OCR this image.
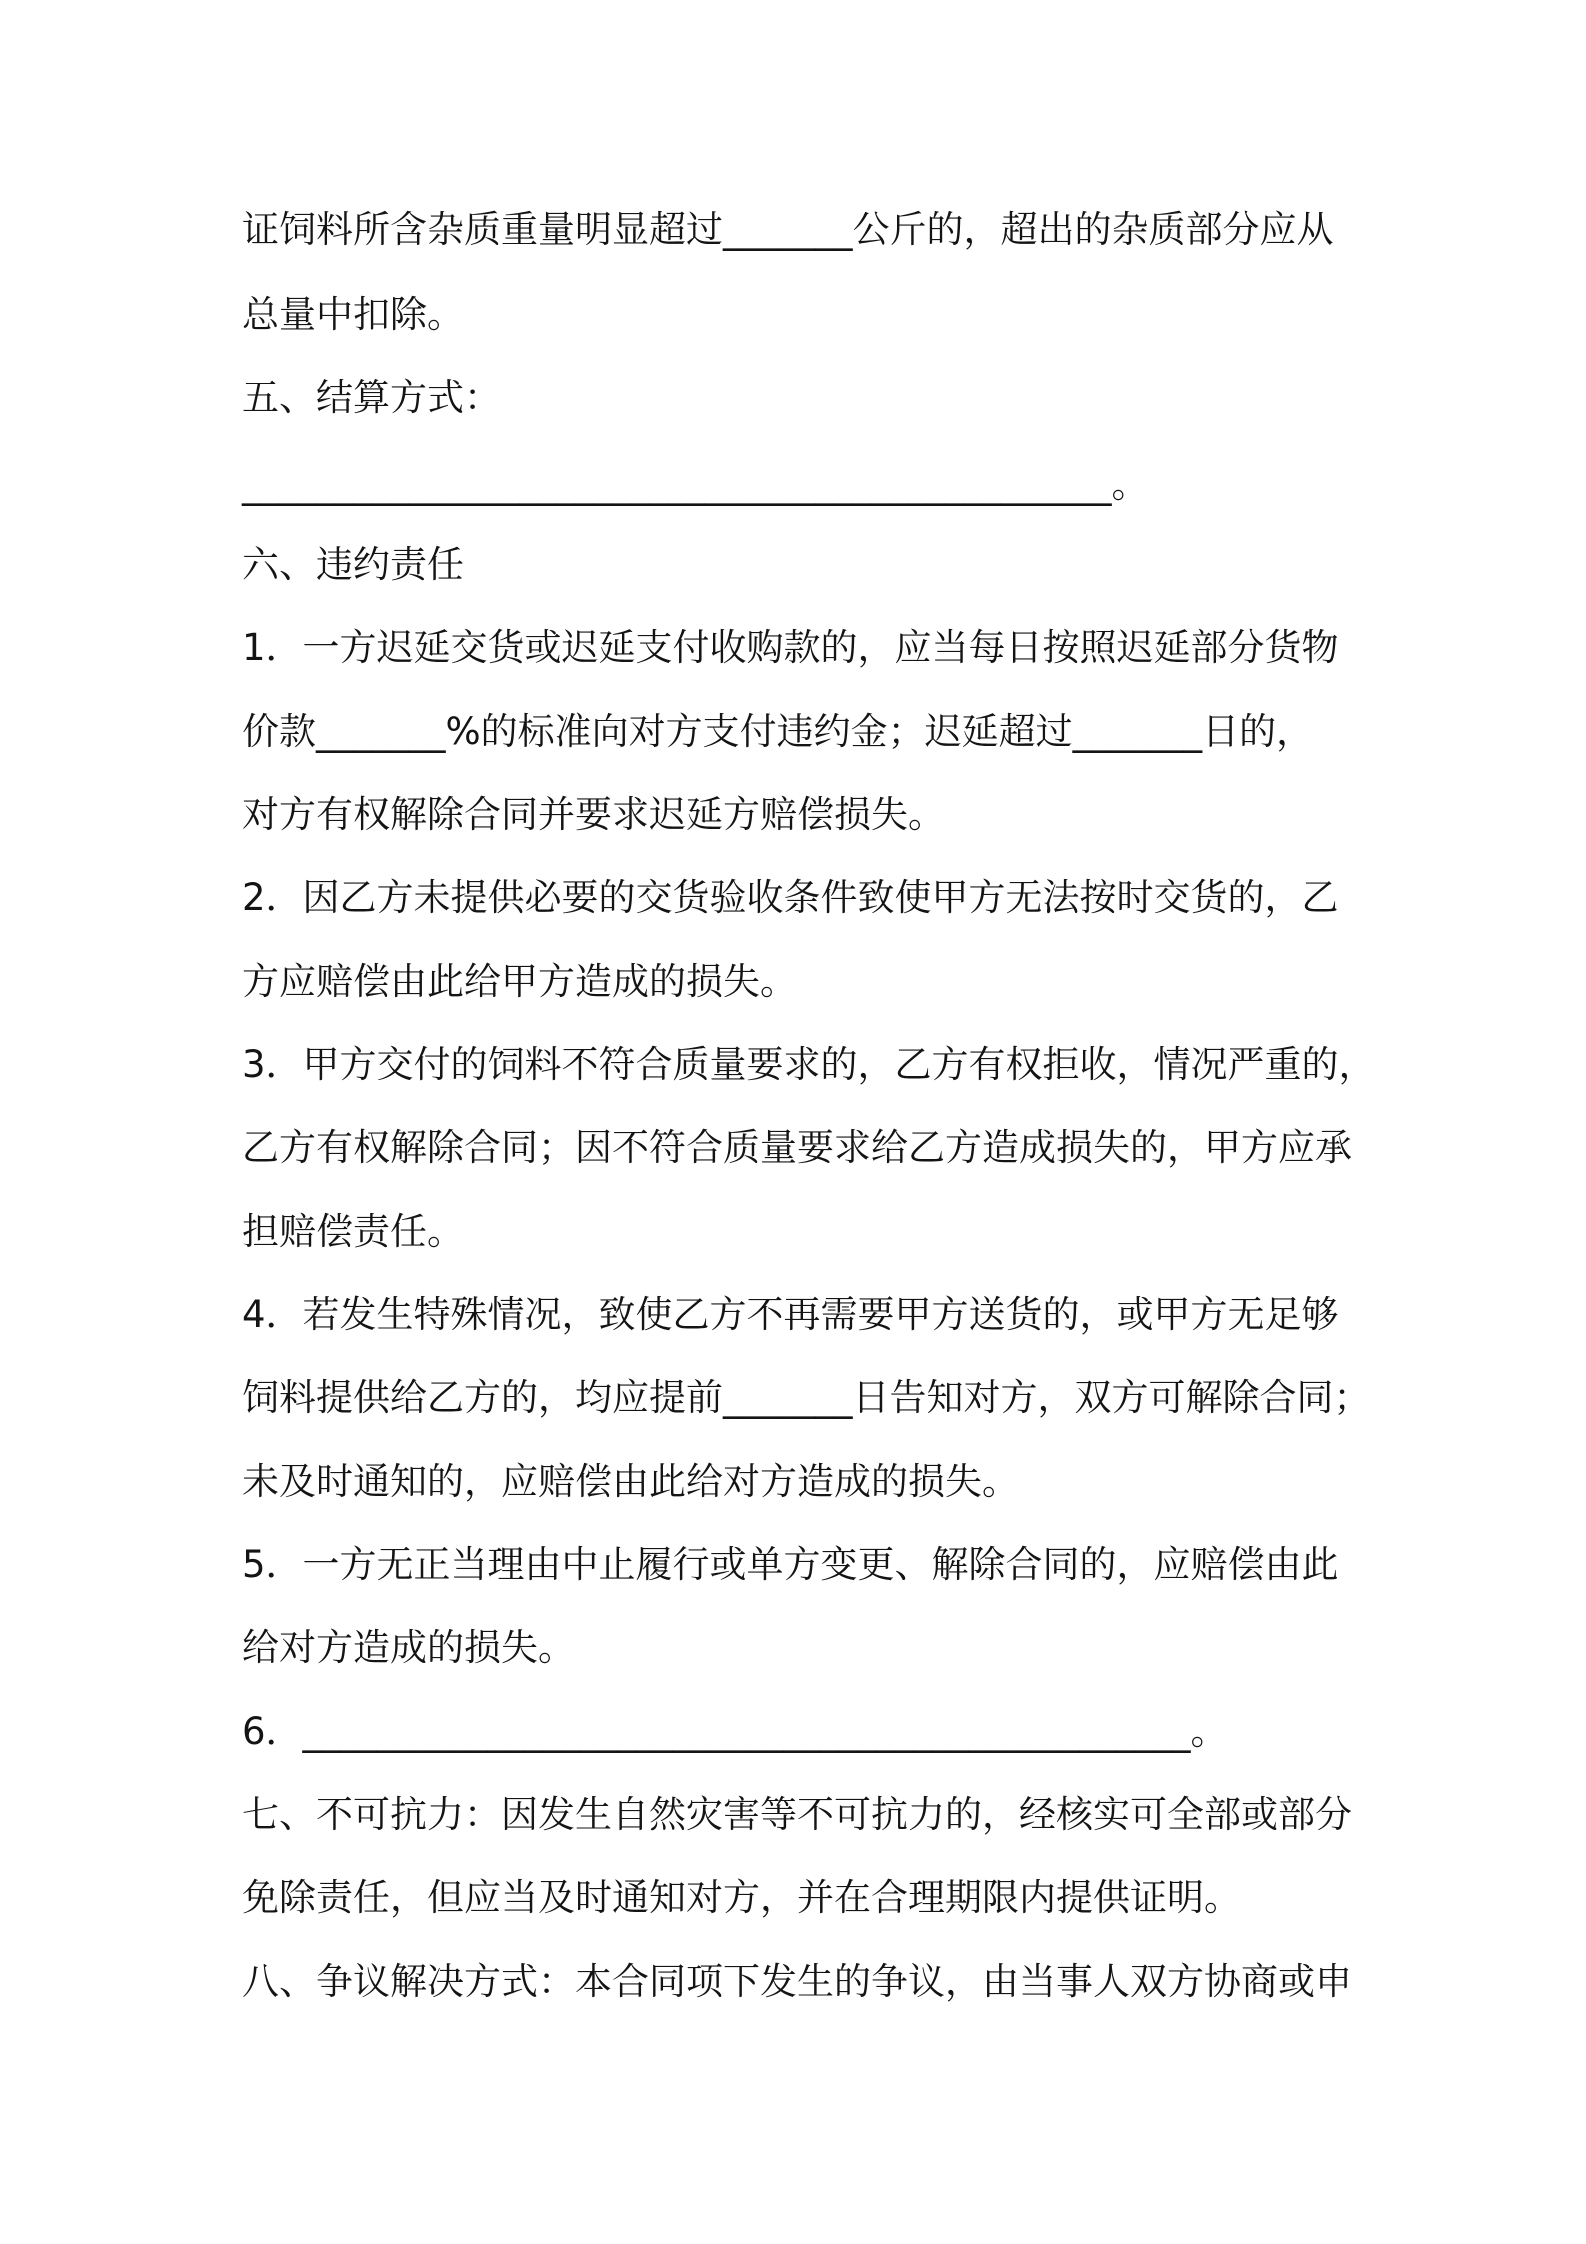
证饲料所含杂质重量明显超过_______公斤的，超出的杂质部分应从
总量中扣除。
五、结算方式：
_______________________________________________。
六、违约责任
1．一方迟延交货或迟延支付收购款的，应当每日按照迟延部分货物
价款_______%的标准向对方支付违约金；迟延超过_______日的，
对方有权解除合同并要求迟延方赔偿损失。
2．因乙方未提供必要的交货验收条件致使甲方无法按时交货的，乙
方应赔偿由此给甲方造成的损失。
3．甲方交付的饲料不符合质量要求的，乙方有权拒收，情况严重的，
乙方有权解除合同；因不符合质量要求给乙方造成损失的，甲方应承
担赔偿责任。
4．若发生特殊情况，致使乙方不再需要甲方送货的，或甲方无足够
饲料提供给乙方的，均应提前_______日告知对方，双方可解除合同；
未及时通知的，应赔偿由此给对方造成的损失。
5．一方无正当理由中止履行或单方变更、解除合同的，应赔偿由此
给对方造成的损失。
6．________________________________________________。
七、不可抗力：因发生自然灾害等不可抗力的，经核实可全部或部分
免除责任，但应当及时通知对方，并在合理期限内提供证明。
八、争议解决方式：本合同项下发生的争议，由当事人双方协商或申
